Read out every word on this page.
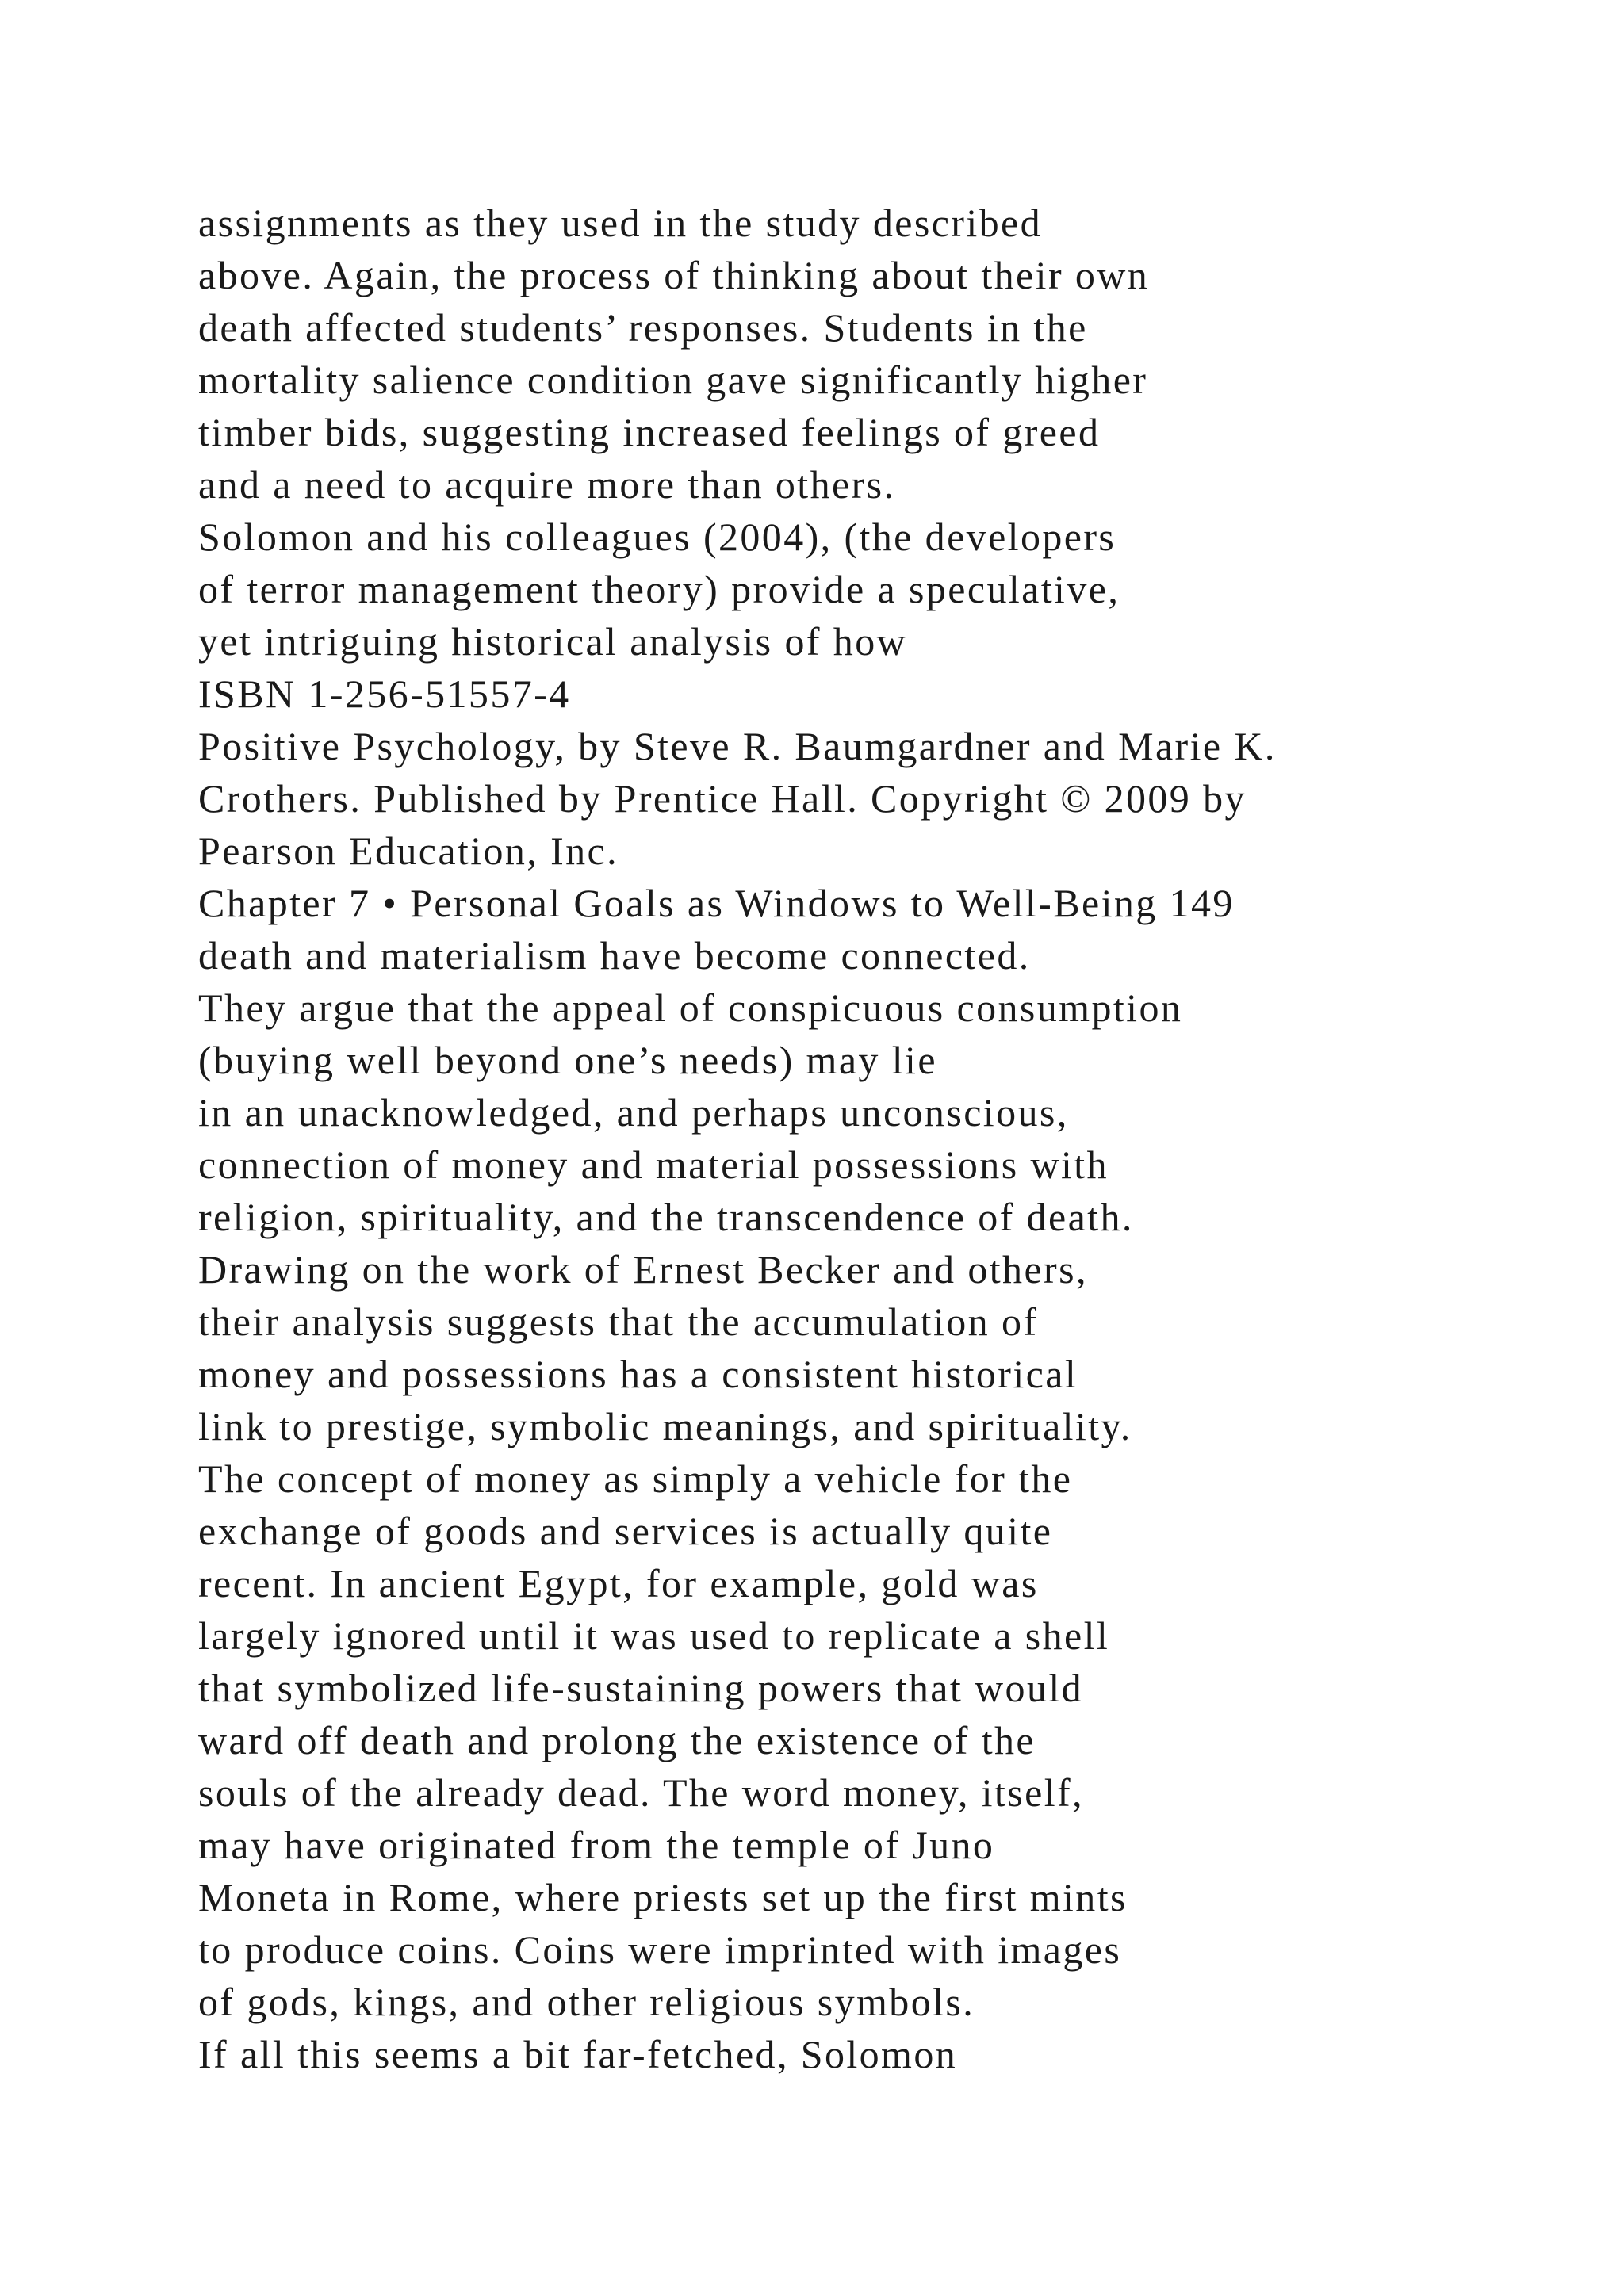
assignments as they used in the study described
above. Again, the process of thinking about their own
death affected students’ responses. Students in the
mortality salience condition gave significantly higher
timber bids, suggesting increased feelings of greed
and a need to acquire more than others.
Solomon and his colleagues (2004), (the developers
of terror management theory) provide a speculative,
yet intriguing historical analysis of how
ISBN 1-256-51557-4
Positive Psychology, by Steve R. Baumgardner and Marie K.
Crothers. Published by Prentice Hall. Copyright © 2009 by
Pearson Education, Inc.
Chapter 7 • Personal Goals as Windows to Well-Being 149
death and materialism have become connected.
They argue that the appeal of conspicuous consumption
(buying well beyond one’s needs) may lie
in an unacknowledged, and perhaps unconscious,
connection of money and material possessions with
religion, spirituality, and the transcendence of death.
Drawing on the work of Ernest Becker and others,
their analysis suggests that the accumulation of
money and possessions has a consistent historical
link to prestige, symbolic meanings, and spirituality.
The concept of money as simply a vehicle for the
exchange of goods and services is actually quite
recent. In ancient Egypt, for example, gold was
largely ignored until it was used to replicate a shell
that symbolized life-sustaining powers that would
ward off death and prolong the existence of the
souls of the already dead. The word money, itself,
may have originated from the temple of Juno
Moneta in Rome, where priests set up the first mints
to produce coins. Coins were imprinted with images
of gods, kings, and other religious symbols.
If all this seems a bit far-fetched, Solomon
